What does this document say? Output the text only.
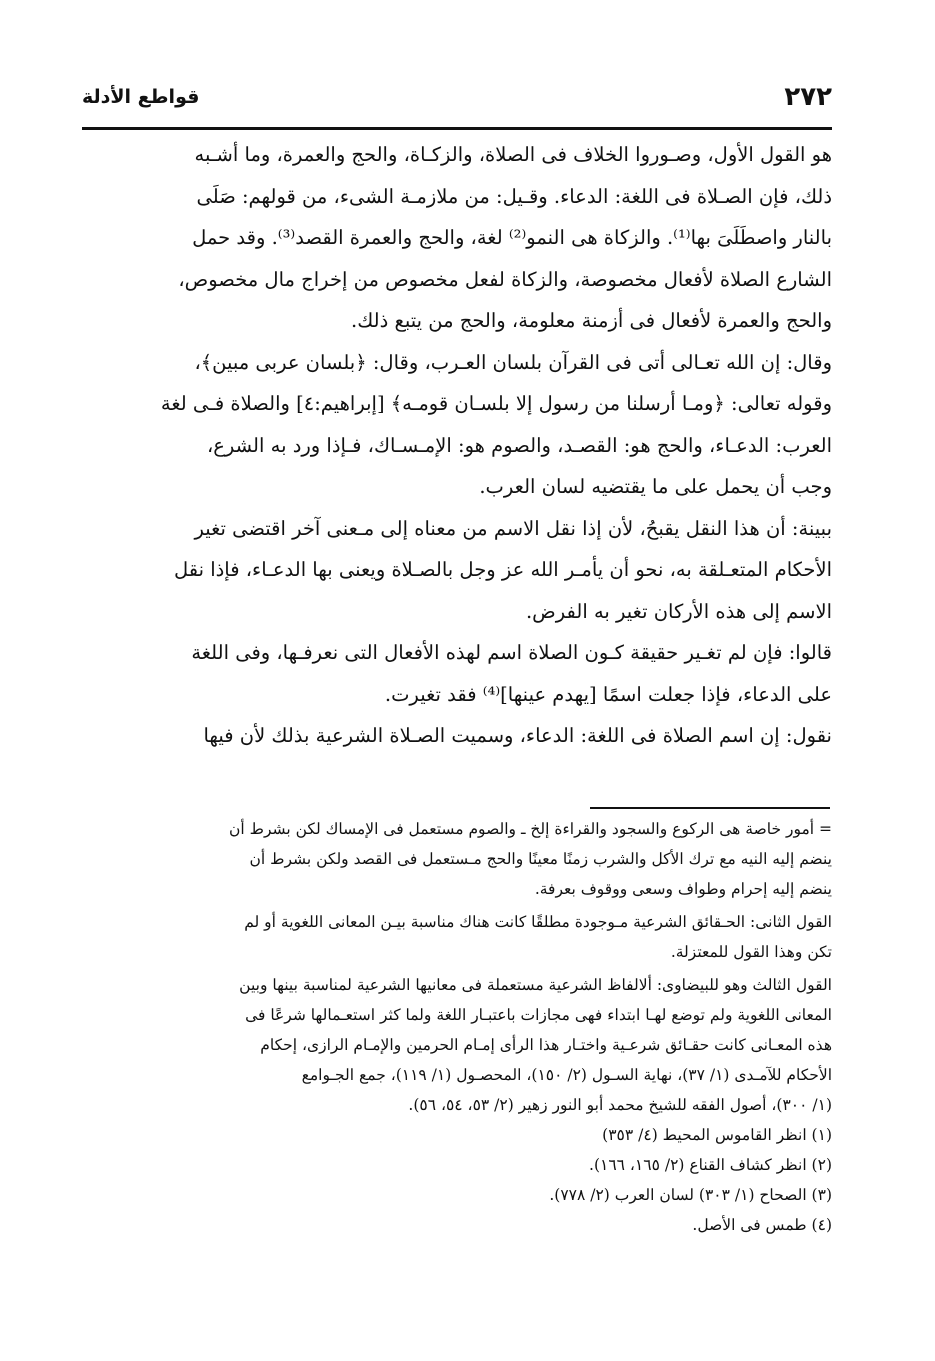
٢٧٢
قواطع الأدلة

هو القول الأول، وصـوروا الخلاف فى الصلاة، والزكـاة، والحج والعمرة، وما أشـبه

ذلك، فإن الصـلاة فى اللغة: الدعاء. وقـيل: من ملازمـة الشىء، من قولهم: صَلَى

بالنار واصطَلَىَ بها⁽¹⁾. والزكاة هى النمو⁽²⁾ لغة، والحج والعمرة القصد⁽³⁾. وقد حمل

الشارع الصلاة لأفعال مخصوصة، والزكاة لفعل مخصوص من إخراج مال مخصوص،

والحج والعمرة لأفعال فى أزمنة معلومة، والحج من يتبع ذلك.

وقال: إن الله تعـالى أتى فى القرآن بلسان العـرب، وقال: ﴿بلسان عربى مبين﴾،

وقوله تعالى: ﴿ومـا أرسلنا من رسول إلا بلسـان قومـه﴾ [إبراهيم:٤] والصلاة فـى لغة

العرب: الدعـاء، والحج هو: القصـد، والصوم هو: الإمـسـاك، فـإذا ورد به الشرع،

وجب أن يحمل على ما يقتضيه لسان العرب.

ببينة: أن هذا النقل يقبحُ، لأن إذا نقل الاسم من معناه إلى مـعنى آخر اقتضى تغير

الأحكام المتعـلقة به، نحو أن يأمـر الله عز وجل بالصـلاة ويعنى بها الدعـاء، فإذا نقل

الاسم إلى هذه الأركان تغير به الفرض.

قالوا: فإن لم تغـير حقيقة كـون الصلاة اسم لهذه الأفعال التى نعرفـها، وفى اللغة

على الدعاء، فإذا جعلت اسمًا [يهدم عينها]⁽⁴⁾ فقد تغيرت.

نقول: إن اسم الصلاة فى اللغة: الدعاء، وسميت الصـلاة الشرعية بذلك لأن فيها

= أمور خاصة هى الركوع والسجود والقراءة إلخ ـ والصوم مستعمل فى الإمساك لكن بشرط أن

ينضم إليه النيه مع ترك الأكل والشرب زمنًا معينًا والحج مـستعمل فى القصد ولكن بشرط أن

ينضم إليه إحرام وطواف وسعى ووقوف بعرفة.

القول الثانى: الحـقائق الشرعية مـوجودة مطلقًا كانت هناك مناسبة بيـن المعانى اللغوية أو لم

تكن وهذا القول للمعتزلة.

القول الثالث وهو للبيضاوى: ألالفاظ الشرعية مستعملة فى معانيها الشرعية لمناسبة بينها وبين

المعانى اللغوية ولم توضع لهـا ابتداء فهى مجازات باعتبـار اللغة ولما كثر استعـمالها شرعًا فى

هذه المعـانى كانت حقـائق شرعـية واختـار هذا الرأى إمـام الحرمين والإمـام الرازى، إحكام

الأحكام للآمـدى (١/ ٣٧)، نهاية السـول (٢/ ١٥٠)، المحصـول (١/ ١١٩)، جمع الجـوامع

(١/ ٣٠٠)، أصول الفقه للشيخ محمد أبو النور زهير (٢/ ٥٣، ٥٤، ٥٦).

(١) انظر القاموس المحيط (٤/ ٣٥٣)

(٢) انظر كشاف القناع (٢/ ١٦٥، ١٦٦).

(٣) الصحاح (١/ ٣٠٣) لسان العرب (٢/ ٧٧٨).

(٤) طمس فى الأصل.
